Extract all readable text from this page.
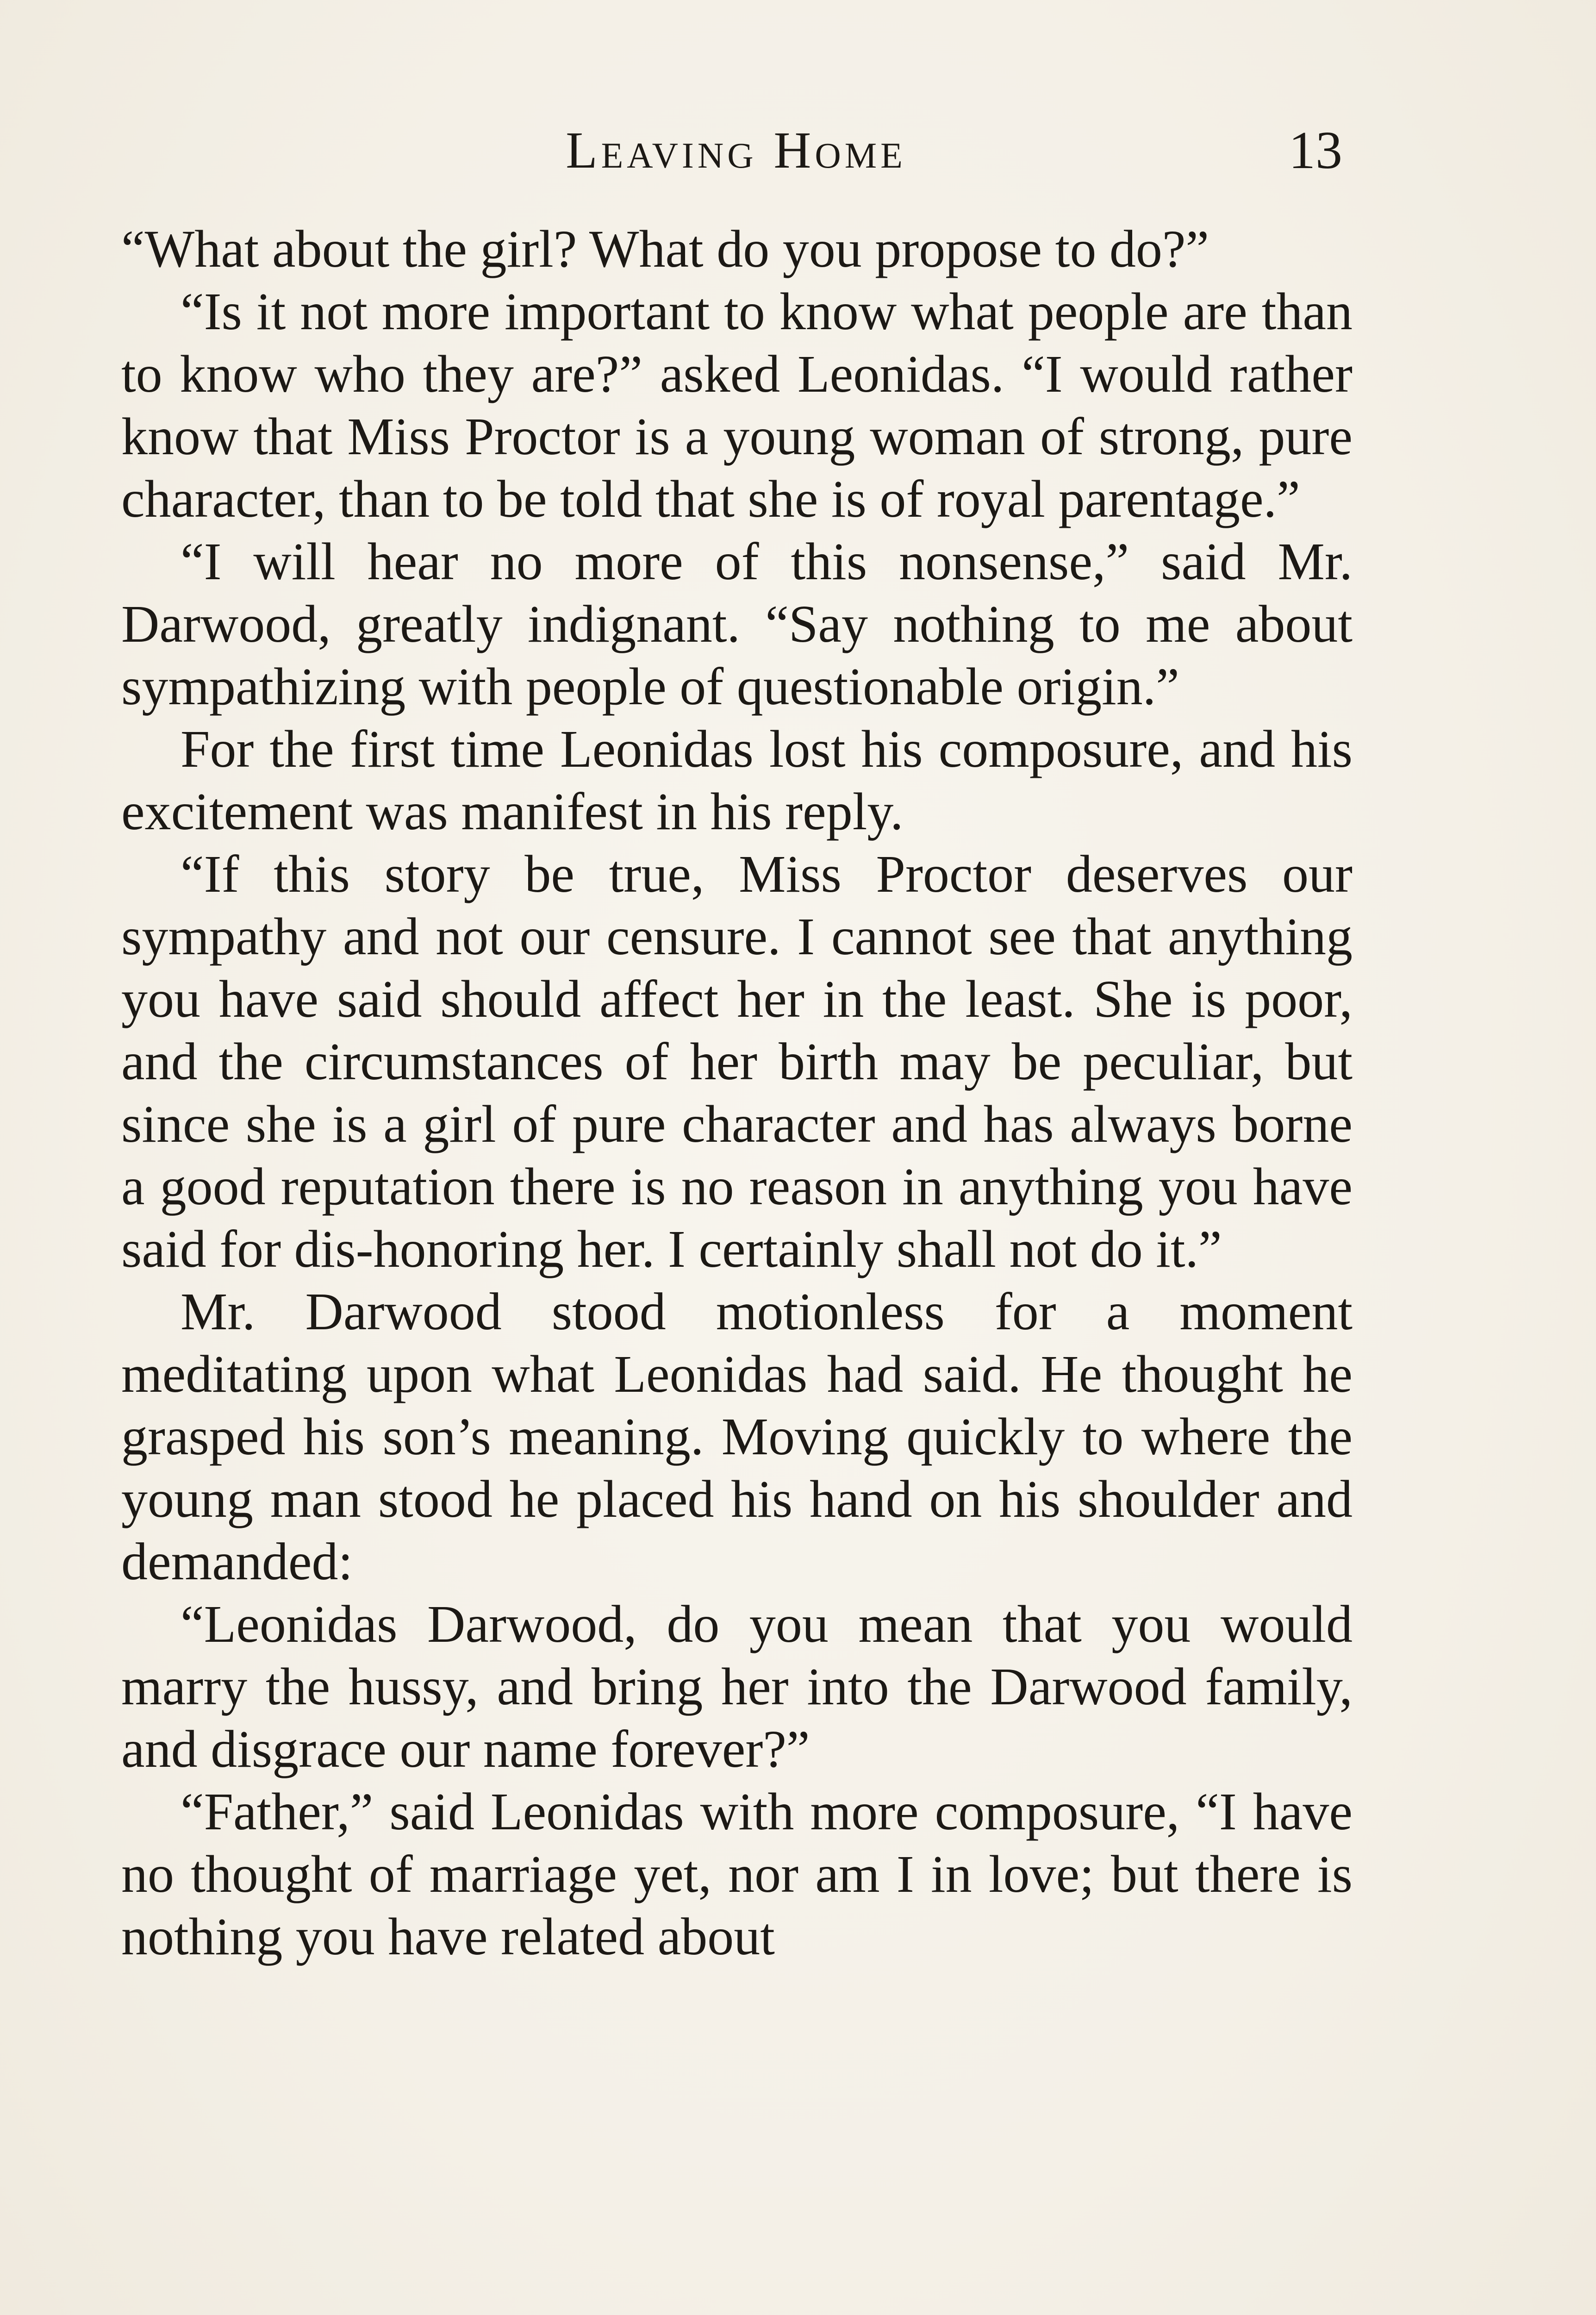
Leaving Home	13

“What about the girl? What do you propose to do?”

“Is it not more important to know what people are than to know who they are?” asked Leonidas. “I would rather know that Miss Proctor is a young woman of strong, pure character, than to be told that she is of royal parentage.”

“I will hear no more of this nonsense,” said Mr. Darwood, greatly indignant. “Say nothing to me about sympathizing with people of questionable origin.”

For the first time Leonidas lost his composure, and his excitement was manifest in his reply.

“If this story be true, Miss Proctor deserves our sympathy and not our censure. I cannot see that anything you have said should affect her in the least. She is poor, and the circumstances of her birth may be peculiar, but since she is a girl of pure character and has always borne a good reputation there is no reason in anything you have said for dis-honoring her. I certainly shall not do it.”

Mr. Darwood stood motionless for a moment meditating upon what Leonidas had said. He thought he grasped his son’s meaning. Moving quickly to where the young man stood he placed his hand on his shoulder and demanded:

“Leonidas Darwood, do you mean that you would marry the hussy, and bring her into the Darwood family, and disgrace our name forever?”

“Father,” said Leonidas with more composure, “I have no thought of marriage yet, nor am I in love; but there is nothing you have related about
